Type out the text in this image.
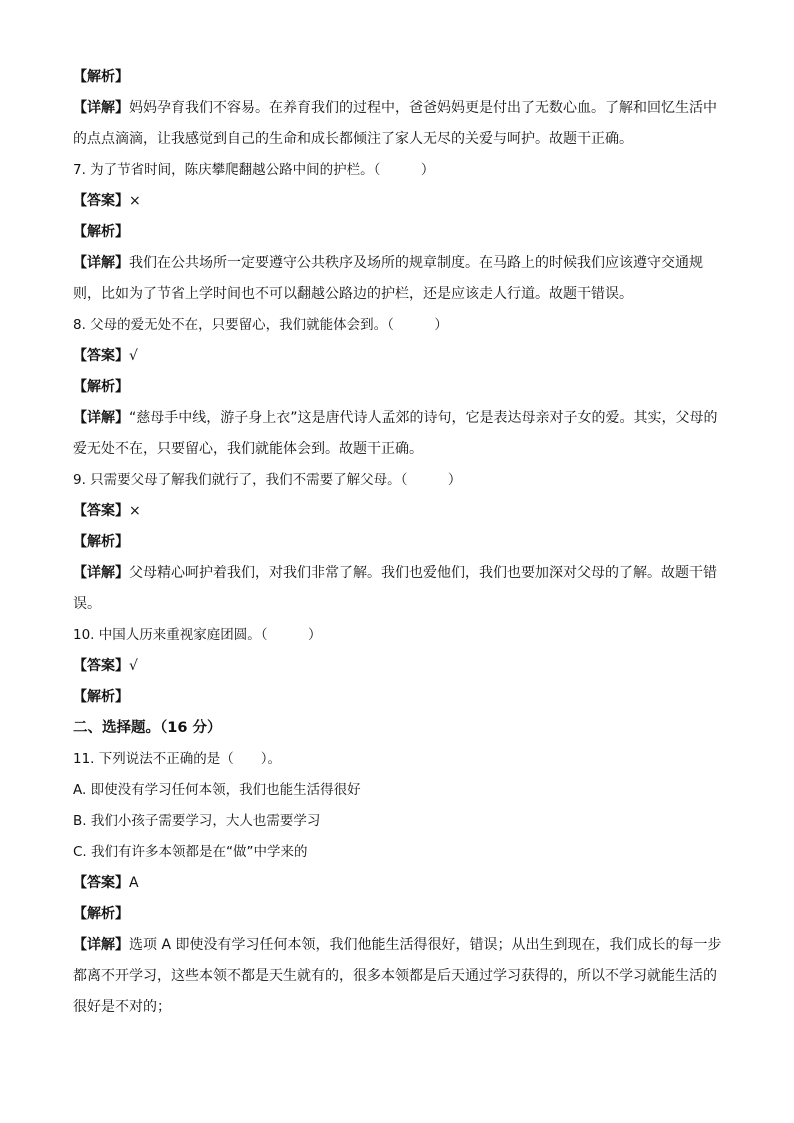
【解析】
【详解】妈妈孕育我们不容易。在养育我们的过程中，爸爸妈妈更是付出了无数心血。了解和回忆生活中的点点滴滴，让我感觉到自己的生命和成长都倾注了家人无尽的关爱与呵护。故题干正确。
7. 为了节省时间，陈庆攀爬翻越公路中间的护栏。（　　　）
【答案】×
【解析】
【详解】我们在公共场所一定要遵守公共秩序及场所的规章制度。在马路上的时候我们应该遵守交通规则，比如为了节省上学时间也不可以翻越公路边的护栏，还是应该走人行道。故题干错误。
8. 父母的爱无处不在，只要留心，我们就能体会到。（　　　）
【答案】√
【解析】
【详解】“慈母手中线，游子身上衣”这是唐代诗人孟郊的诗句，它是表达母亲对子女的爱。其实，父母的爱无处不在，只要留心，我们就能体会到。故题干正确。
9. 只需要父母了解我们就行了，我们不需要了解父母。（　　　）
【答案】×
【解析】
【详解】父母精心呵护着我们，对我们非常了解。我们也爱他们，我们也要加深对父母的了解。故题干错误。
10. 中国人历来重视家庭团圆。（　　　）
【答案】√
【解析】
二、选择题。（16 分）
11. 下列说法不正确的是（　　）。
A. 即使没有学习任何本领，我们也能生活得很好
B. 我们小孩子需要学习，大人也需要学习
C. 我们有许多本领都是在“做”中学来的
【答案】A
【解析】
【详解】选项 A 即使没有学习任何本领，我们他能生活得很好，错误；从出生到现在，我们成长的每一步都离不开学习，这些本领不都是天生就有的，很多本领都是后天通过学习获得的，所以不学习就能生活的很好是不对的；
